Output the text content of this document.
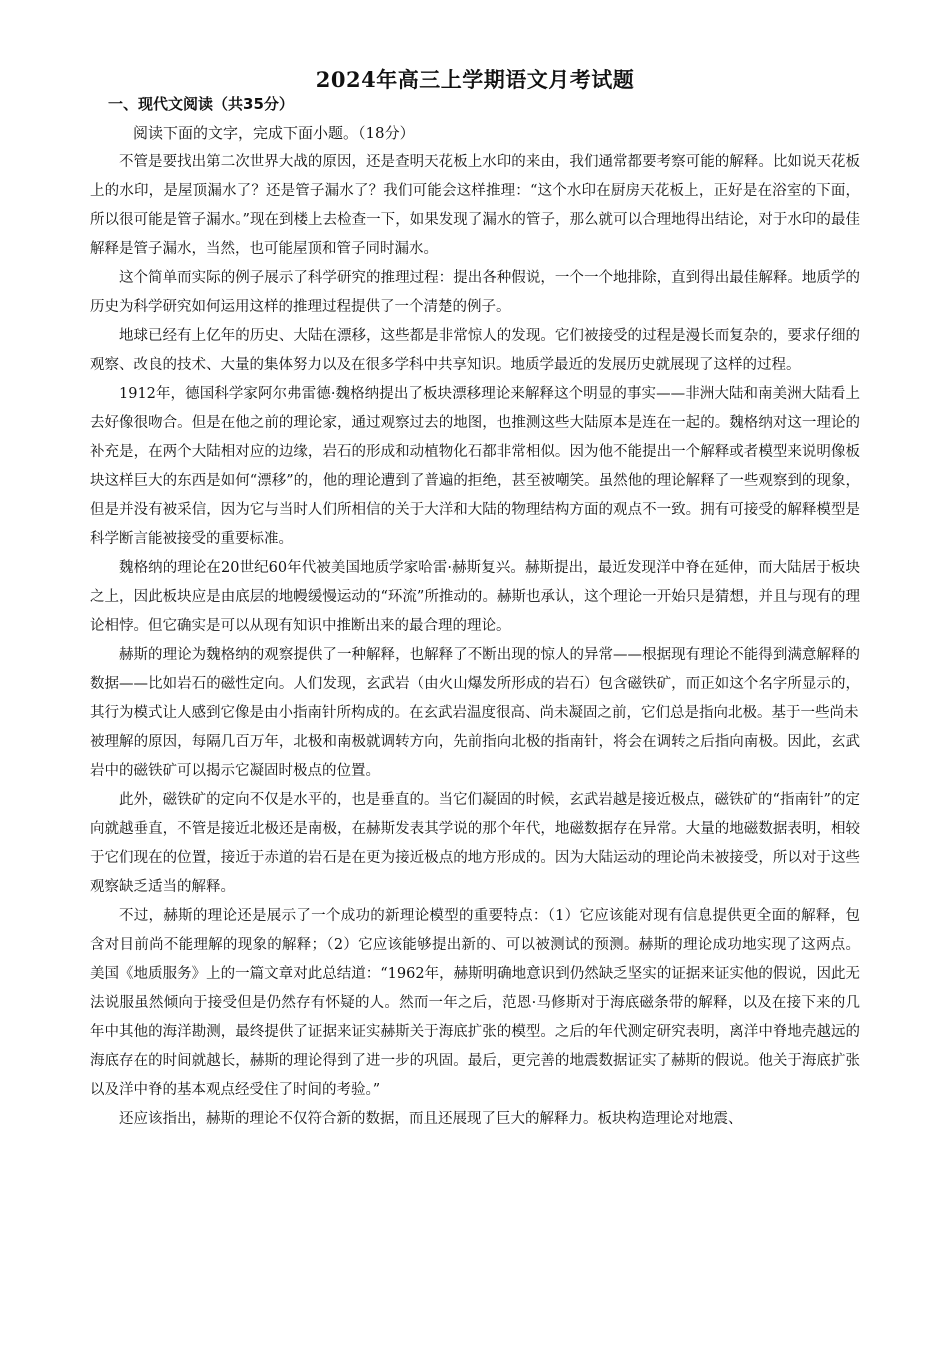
2024年高三上学期语文月考试题
一、现代文阅读（共35分）

阅读下面的文字，完成下面小题。（18分）

不管是要找出第二次世界大战的原因，还是查明天花板上水印的来由，我们通常都要考察可能的解释。比如说天花板上的水印，是屋顶漏水了？还是管子漏水了？我们可能会这样推理：“这个水印在厨房天花板上，正好是在浴室的下面，所以很可能是管子漏水。”现在到楼上去检查一下，如果发现了漏水的管子，那么就可以合理地得出结论，对于水印的最佳解释是管子漏水，当然，也可能屋顶和管子同时漏水。

这个简单而实际的例子展示了科学研究的推理过程：提出各种假说，一个一个地排除，直到得出最佳解释。地质学的历史为科学研究如何运用这样的推理过程提供了一个清楚的例子。

地球已经有上亿年的历史、大陆在漂移，这些都是非常惊人的发现。它们被接受的过程是漫长而复杂的，要求仔细的观察、改良的技术、大量的集体努力以及在很多学科中共享知识。地质学最近的发展历史就展现了这样的过程。

1912年，德国科学家阿尔弗雷德·魏格纳提出了板块漂移理论来解释这个明显的事实——非洲大陆和南美洲大陆看上去好像很吻合。但是在他之前的理论家，通过观察过去的地图，也推测这些大陆原本是连在一起的。魏格纳对这一理论的补充是，在两个大陆相对应的边缘，岩石的形成和动植物化石都非常相似。因为他不能提出一个解释或者模型来说明像板块这样巨大的东西是如何“漂移”的，他的理论遭到了普遍的拒绝，甚至被嘲笑。虽然他的理论解释了一些观察到的现象，但是并没有被采信，因为它与当时人们所相信的关于大洋和大陆的物理结构方面的观点不一致。拥有可接受的解释模型是科学断言能被接受的重要标准。

魏格纳的理论在20世纪60年代被美国地质学家哈雷·赫斯复兴。赫斯提出，最近发现洋中脊在延伸，而大陆居于板块之上，因此板块应是由底层的地幔缓慢运动的“环流”所推动的。赫斯也承认，这个理论一开始只是猜想，并且与现有的理论相悖。但它确实是可以从现有知识中推断出来的最合理的理论。

赫斯的理论为魏格纳的观察提供了一种解释，也解释了不断出现的惊人的异常——根据现有理论不能得到满意解释的数据——比如岩石的磁性定向。人们发现，玄武岩（由火山爆发所形成的岩石）包含磁铁矿，而正如这个名字所显示的，其行为模式让人感到它像是由小指南针所构成的。在玄武岩温度很高、尚未凝固之前，它们总是指向北极。基于一些尚未

被理解的原因，每隔几百万年，北极和南极就调转方向，先前指向北极的指南针，将会在调转之后指向南极。因此，玄武岩中的磁铁矿可以揭示它凝固时极点的位置。

此外，磁铁矿的定向不仅是水平的，也是垂直的。当它们凝固的时候，玄武岩越是接近极点，磁铁矿的“指南针”的定向就越垂直，不管是接近北极还是南极，在赫斯发表其学说的那个年代，地磁数据存在异常。大量的地磁数据表明，相较于它们现在的位置，接近于赤道的岩石是在更为接近极点的地方形成的。因为大陆运动的理论尚未被接受，所以对于这些观察缺乏适当的解释。

不过，赫斯的理论还是展示了一个成功的新理论模型的重要特点：（1）它应该能对现有信息提供更全面的解释，包含对目前尚不能理解的现象的解释；（2）它应该能够提出新的、可以被测试的预测。赫斯的理论成功地实现了这两点。美国《地质服务》上的一篇文章对此总结道：“1962年，赫斯明确地意识到仍然缺乏坚实的证据来证实他的假说，因此无法说服虽然倾向于接受但是仍然存有怀疑的人。然而一年之后，范恩·马修斯对于海底磁条带的解释，以及在接下来的几年中其他的海洋勘测，最终提供了证据来证实赫斯关于海底扩张的模型。之后的年代测定研究表明，离洋中脊地壳越远的海底存在的时间就越长，赫斯的理论得到了进一步的巩固。最后，更完善的地震数据证实了赫斯的假说。他关于海底扩张以及洋中脊的基本观点经受住了时间的考验。”

还应该指出，赫斯的理论不仅符合新的数据，而且还展现了巨大的解释力。板块构造理论对地震、
